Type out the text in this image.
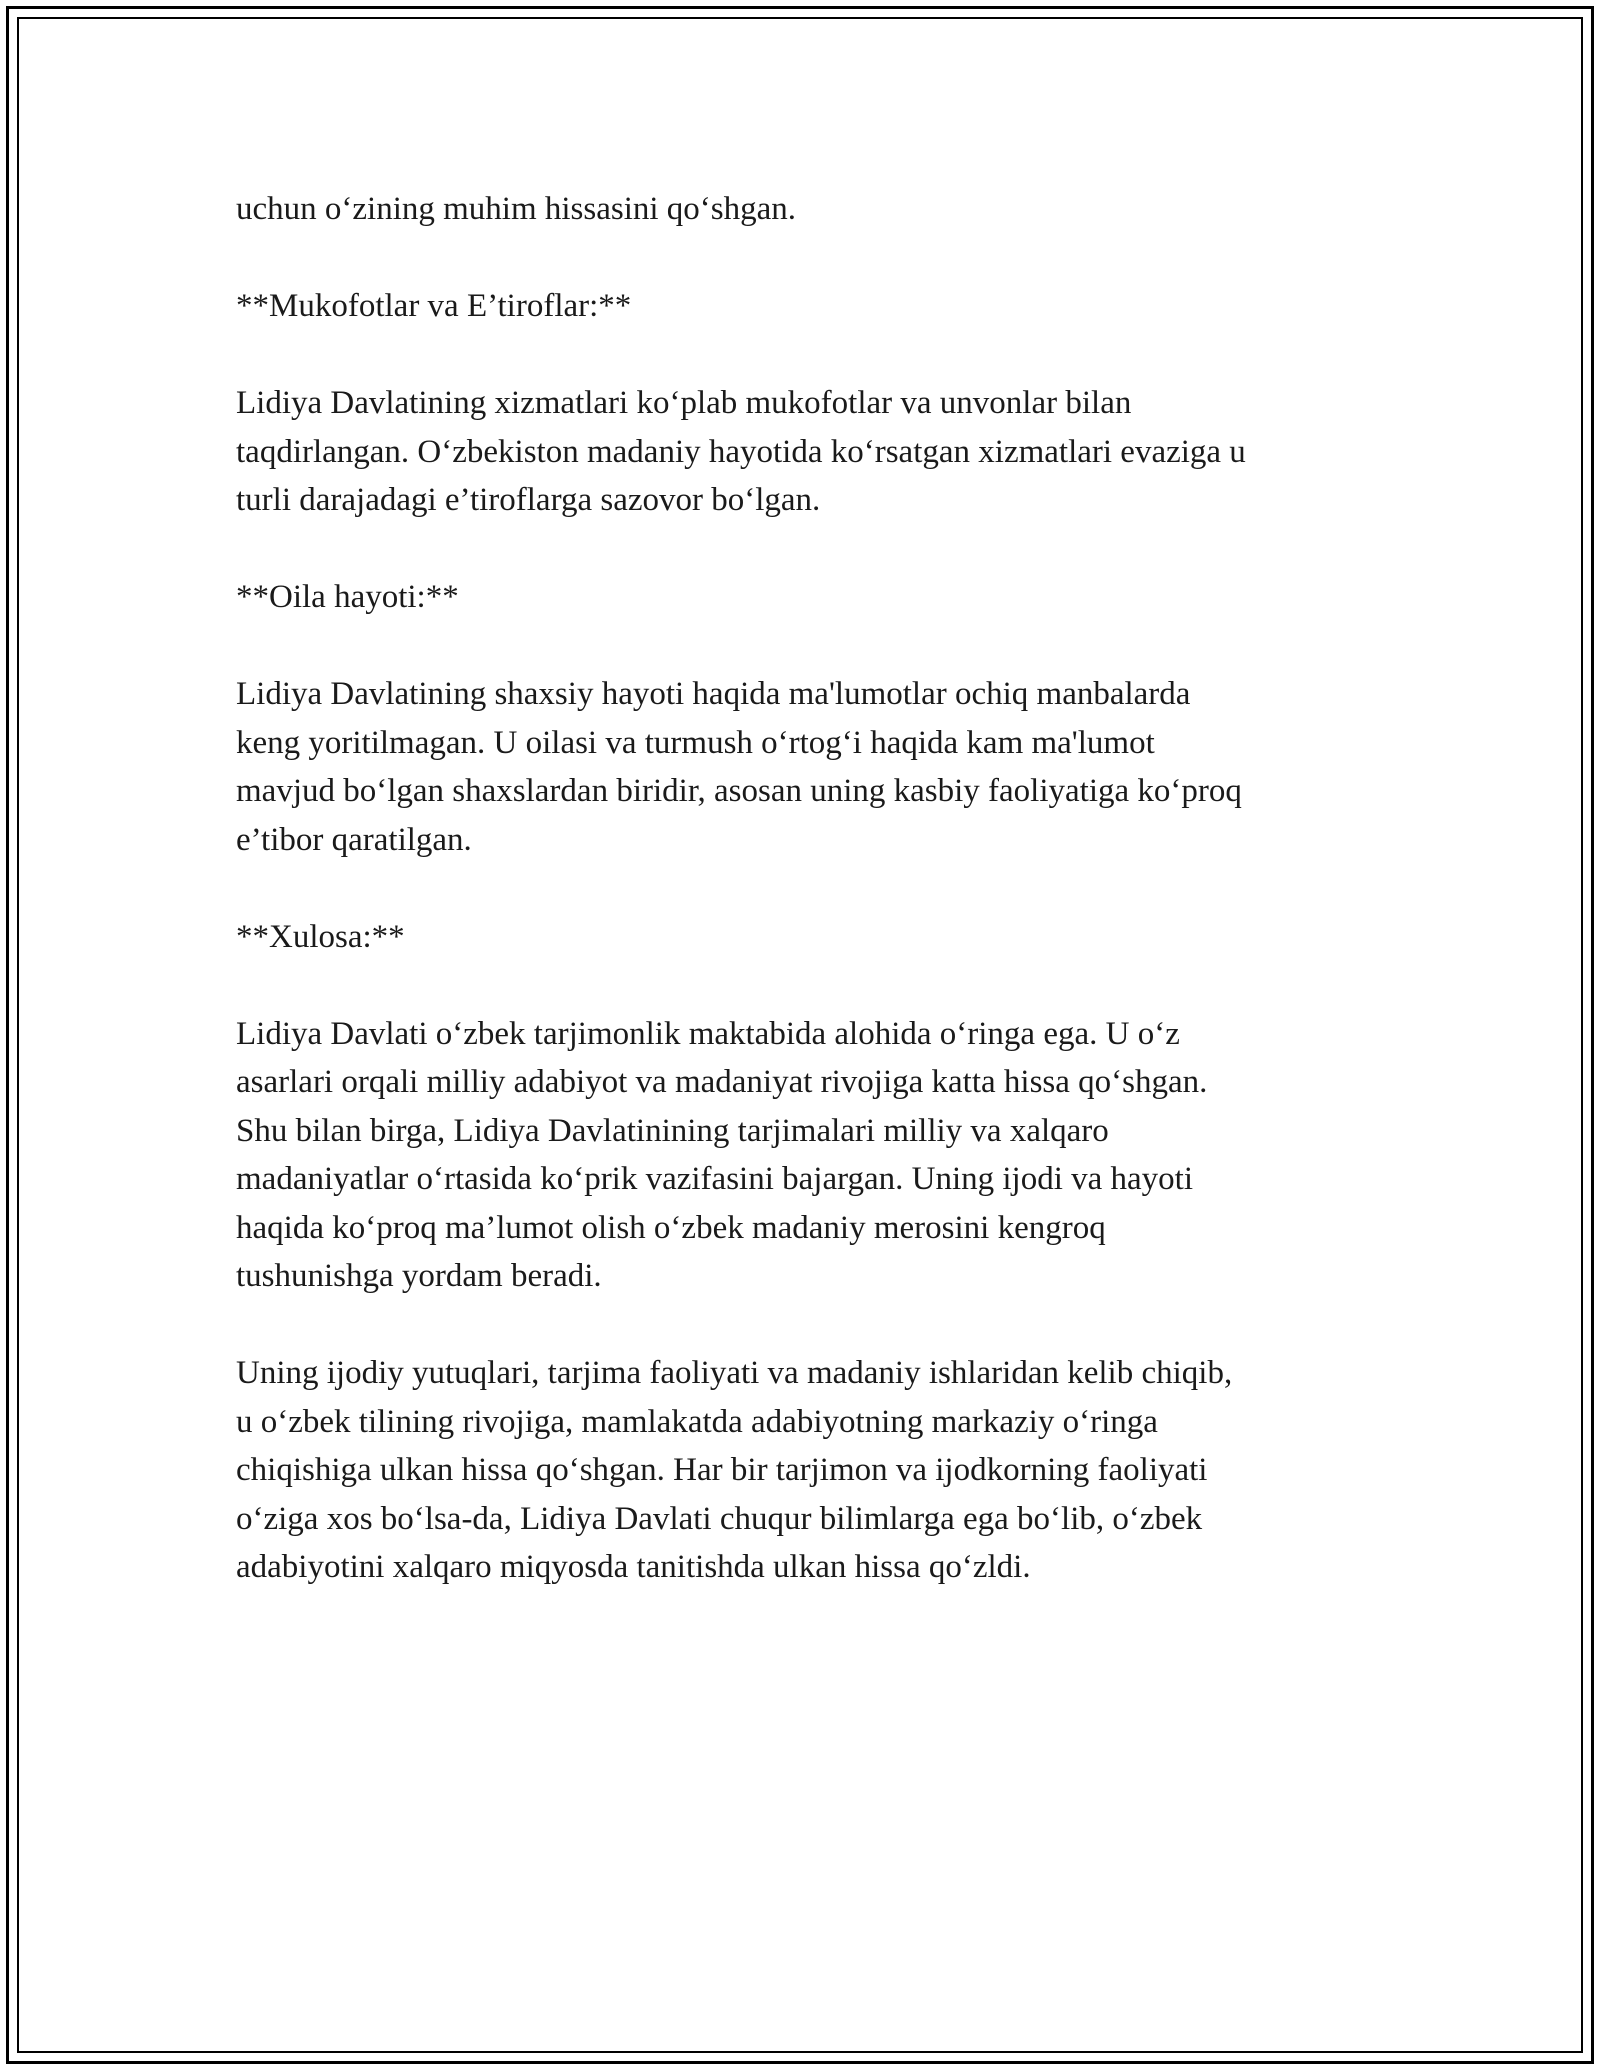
uchun o‘zining muhim hissasini qo‘shgan.

**Mukofotlar va E’tiroflar:**

Lidiya Davlatining xizmatlari ko‘plab mukofotlar va unvonlar bilan
taqdirlangan. O‘zbekiston madaniy hayotida ko‘rsatgan xizmatlari evaziga u
turli darajadagi e’tiroflarga sazovor bo‘lgan.

**Oila hayoti:**

Lidiya Davlatining shaxsiy hayoti haqida ma'lumotlar ochiq manbalarda
keng yoritilmagan. U oilasi va turmush o‘rtog‘i haqida kam ma'lumot
mavjud bo‘lgan shaxslardan biridir, asosan uning kasbiy faoliyatiga ko‘proq
e’tibor qaratilgan.

**Xulosa:**

Lidiya Davlati o‘zbek tarjimonlik maktabida alohida o‘ringa ega. U o‘z
asarlari orqali milliy adabiyot va madaniyat rivojiga katta hissa qo‘shgan.
Shu bilan birga, Lidiya Davlatinining tarjimalari milliy va xalqaro
madaniyatlar o‘rtasida ko‘prik vazifasini bajargan. Uning ijodi va hayoti
haqida ko‘proq ma’lumot olish o‘zbek madaniy merosini kengroq
tushunishga yordam beradi.

Uning ijodiy yutuqlari, tarjima faoliyati va madaniy ishlaridan kelib chiqib,
u o‘zbek tilining rivojiga, mamlakatda adabiyotning markaziy o‘ringa
chiqishiga ulkan hissa qo‘shgan. Har bir tarjimon va ijodkorning faoliyati
o‘ziga xos bo‘lsa-da, Lidiya Davlati chuqur bilimlarga ega bo‘lib, o‘zbek
adabiyotini xalqaro miqyosda tanitishda ulkan hissa qo‘zldi.
